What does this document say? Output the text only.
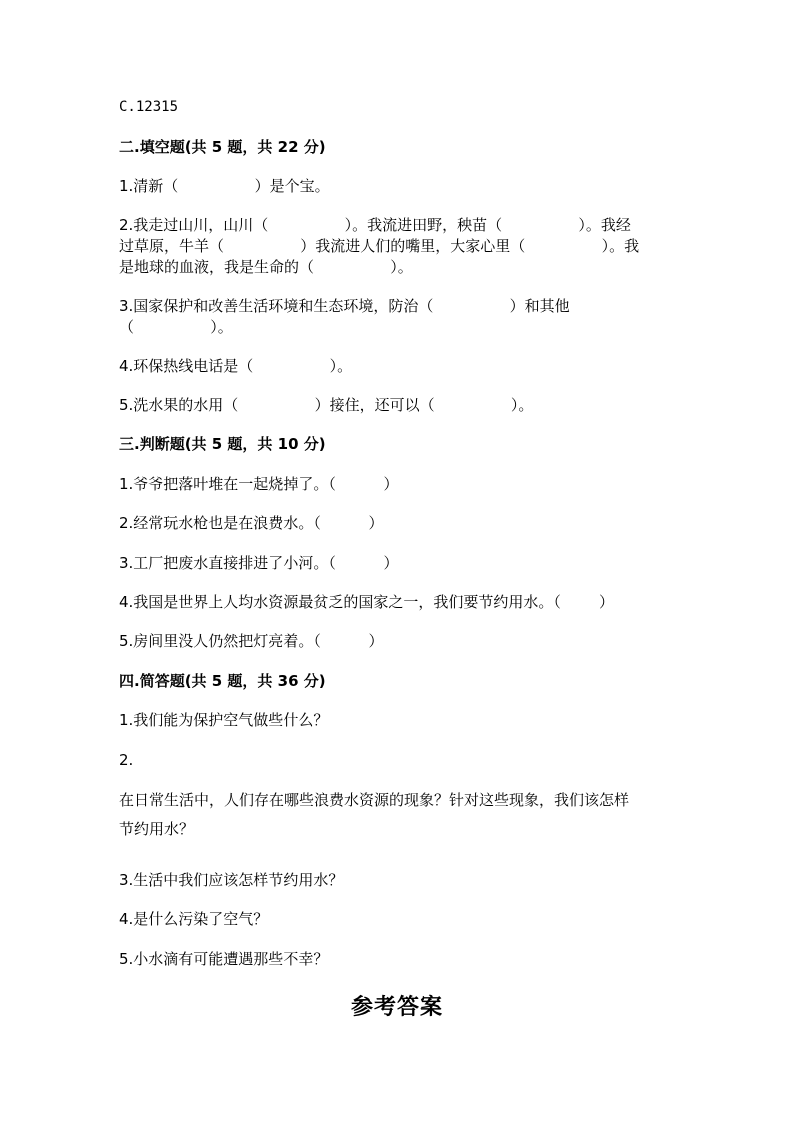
C.12315
二.填空题(共 5 题，共 22 分)
1.清新（                ）是个宝。
2.我走过山川，山川（                ）。我流进田野，秧苗（                ）。我经
过草原，牛羊（                ）我流进人们的嘴里，大家心里（                ）。我
是地球的血液，我是生命的（                ）。
3.国家保护和改善生活环境和生态环境，防治（                ）和其他
（                ）。
4.环保热线电话是（                ）。
5.洗水果的水用（                ）接住，还可以（                ）。
三.判断题(共 5 题，共 10 分)
1.爷爷把落叶堆在一起烧掉了。（          ）
2.经常玩水枪也是在浪费水。（          ）
3.工厂把废水直接排进了小河。（          ）
4.我国是世界上人均水资源最贫乏的国家之一，我们要节约用水。（        ）
5.房间里没人仍然把灯亮着。（          ）
四.简答题(共 5 题，共 36 分)
1.我们能为保护空气做些什么？
2.
在日常生活中，人们存在哪些浪费水资源的现象？针对这些现象，我们该怎样
节约用水？
3.生活中我们应该怎样节约用水？
4.是什么污染了空气？
5.小水滴有可能遭遇那些不幸？
参考答案
